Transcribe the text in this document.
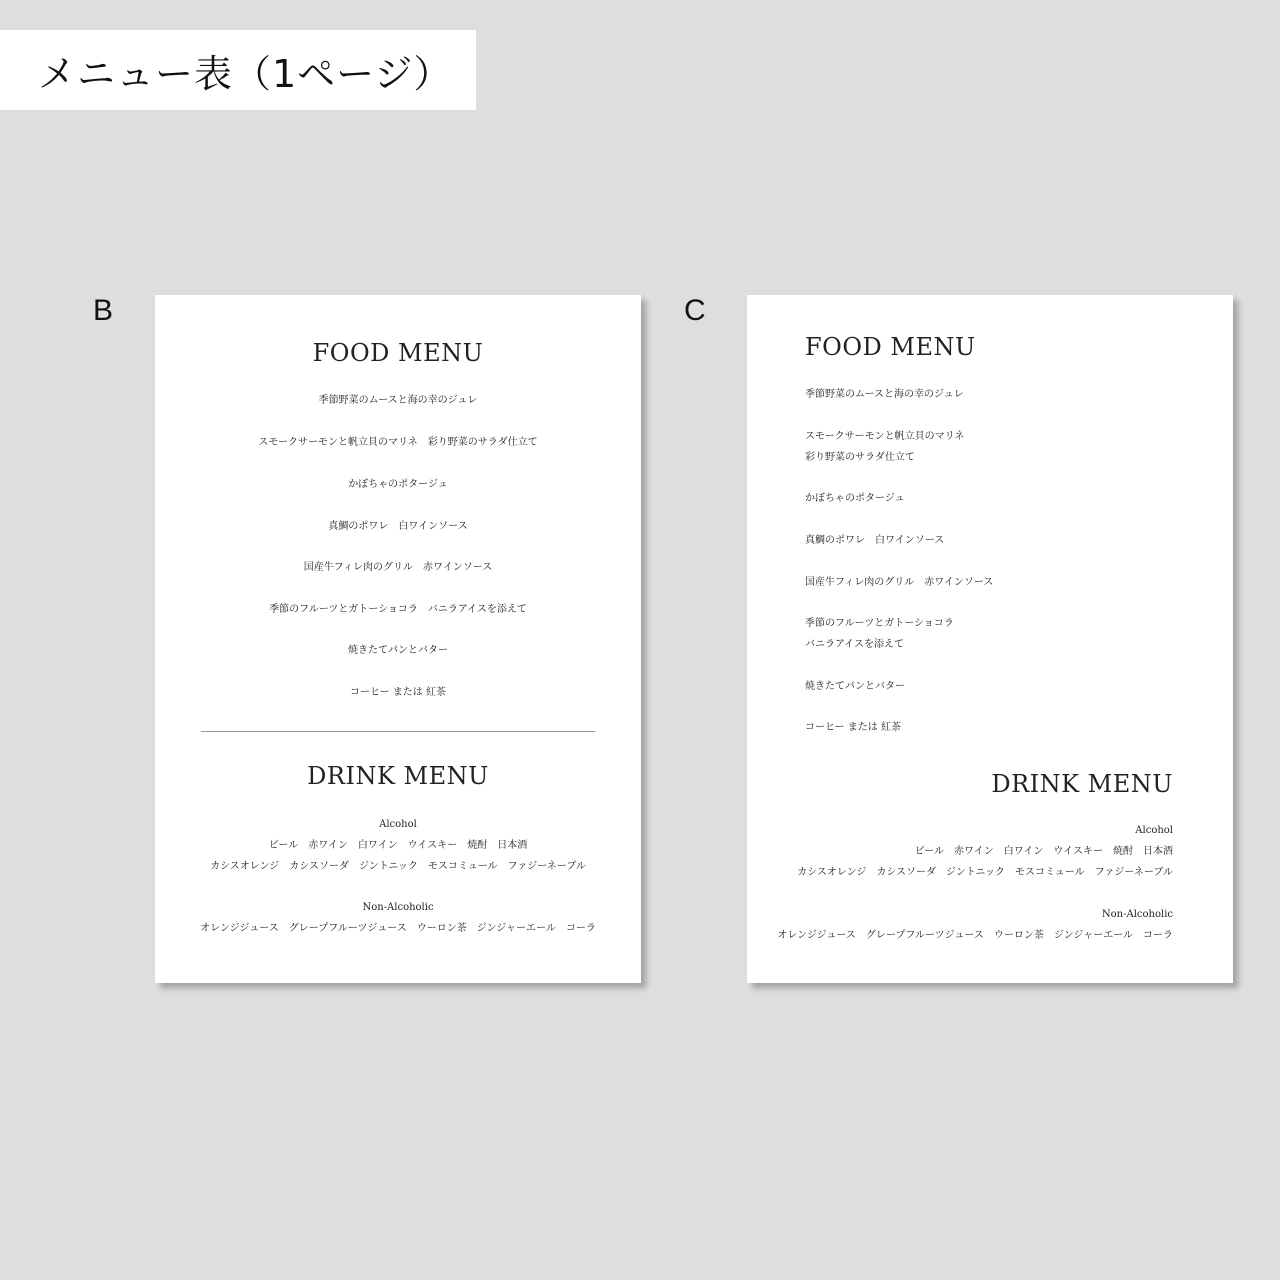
メニュー表（1ページ）
B
FOOD MENU
季節野菜のムースと海の幸のジュレ
スモークサーモンと帆立貝のマリネ　彩り野菜のサラダ仕立て
かぼちゃのポタージュ
真鯛のポワレ　白ワインソース
国産牛フィレ肉のグリル　赤ワインソース
季節のフルーツとガトーショコラ　バニラアイスを添えて
焼きたてパンとバター
コーヒー または 紅茶
DRINK MENU
Alcohol
ビール　赤ワイン　白ワイン　ウイスキー　焼酎　日本酒
カシスオレンジ　カシスソーダ　ジントニック　モスコミュール　ファジーネーブル
Non-Alcoholic
オレンジジュース　グレープフルーツジュース　ウーロン茶　ジンジャーエール　コーラ
C
FOOD MENU
季節野菜のムースと海の幸のジュレ
スモークサーモンと帆立貝のマリネ
彩り野菜のサラダ仕立て
かぼちゃのポタージュ
真鯛のポワレ　白ワインソース
国産牛フィレ肉のグリル　赤ワインソース
季節のフルーツとガトーショコラ
バニラアイスを添えて
焼きたてパンとバター
コーヒー または 紅茶
DRINK MENU
Alcohol
ビール　赤ワイン　白ワイン　ウイスキー　焼酎　日本酒
カシスオレンジ　カシスソーダ　ジントニック　モスコミュール　ファジーネーブル
Non-Alcoholic
オレンジジュース　グレープフルーツジュース　ウーロン茶　ジンジャーエール　コーラ
